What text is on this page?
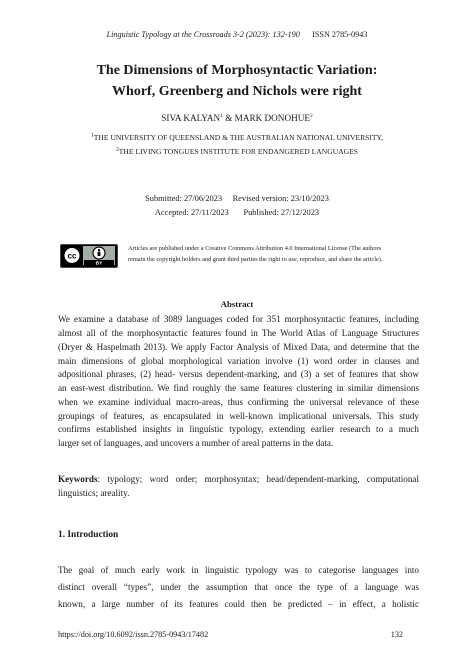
Linguistic Typology at the Crossroads 3-2 (2023): 132-190 ISSN 2785-0943
The Dimensions of Morphosyntactic Variation:
Whorf, Greenberg and Nichols were right
SIVA KALYAN$^1$ & MARK DONOHUE$^2$
$^1$THE UNIVERSITY OF QUEENSLAND & THE AUSTRALIAN NATIONAL UNIVERSITY,
$^2$THE LIVING TONGUES INSTITUTE FOR ENDANGERED LANGUAGES
Submitted: 27/06/2023 Revised version: 23/10/2023
Accepted: 27/11/2023 Published: 27/12/2023
cc
BY
Articles are published under a Creative Commons Attribution 4.0 International License (The authors
remain the copyright holders and grant third parties the right to use, reproduce, and share the article).
Abstract
We examine a database of 3089 languages coded for 351 morphosyntactic features, including
almost all of the morphosyntactic features found in The World Atlas of Language Structures
(Dryer & Haspelmath 2013). We apply Factor Analysis of Mixed Data, and determine that the
main dimensions of global morphological variation involve (1) word order in clauses and
adpositional phrases, (2) head- versus dependent-marking, and (3) a set of features that show
an east-west distribution. We find roughly the same features clustering in similar dimensions
when we examine individual macro-areas, thus confirming the universal relevance of these
groupings of features, as encapsulated in well-known implicational universals. This study
confirms established insights in linguistic typology, extending earlier research to a much
larger set of languages, and uncovers a number of areal patterns in the data.
Keywords: typology; word order; morphosyntax; head/dependent-marking, computational
linguistics; areality.
1. Introduction
The goal of much early work in linguistic typology was to categorise languages into
distinct overall “types”, under the assumption that once the type of a language was
known, a large number of its features could then be predicted – in effect, a holistic
https://doi.org/10.6092/issn.2785-0943/17482	132
